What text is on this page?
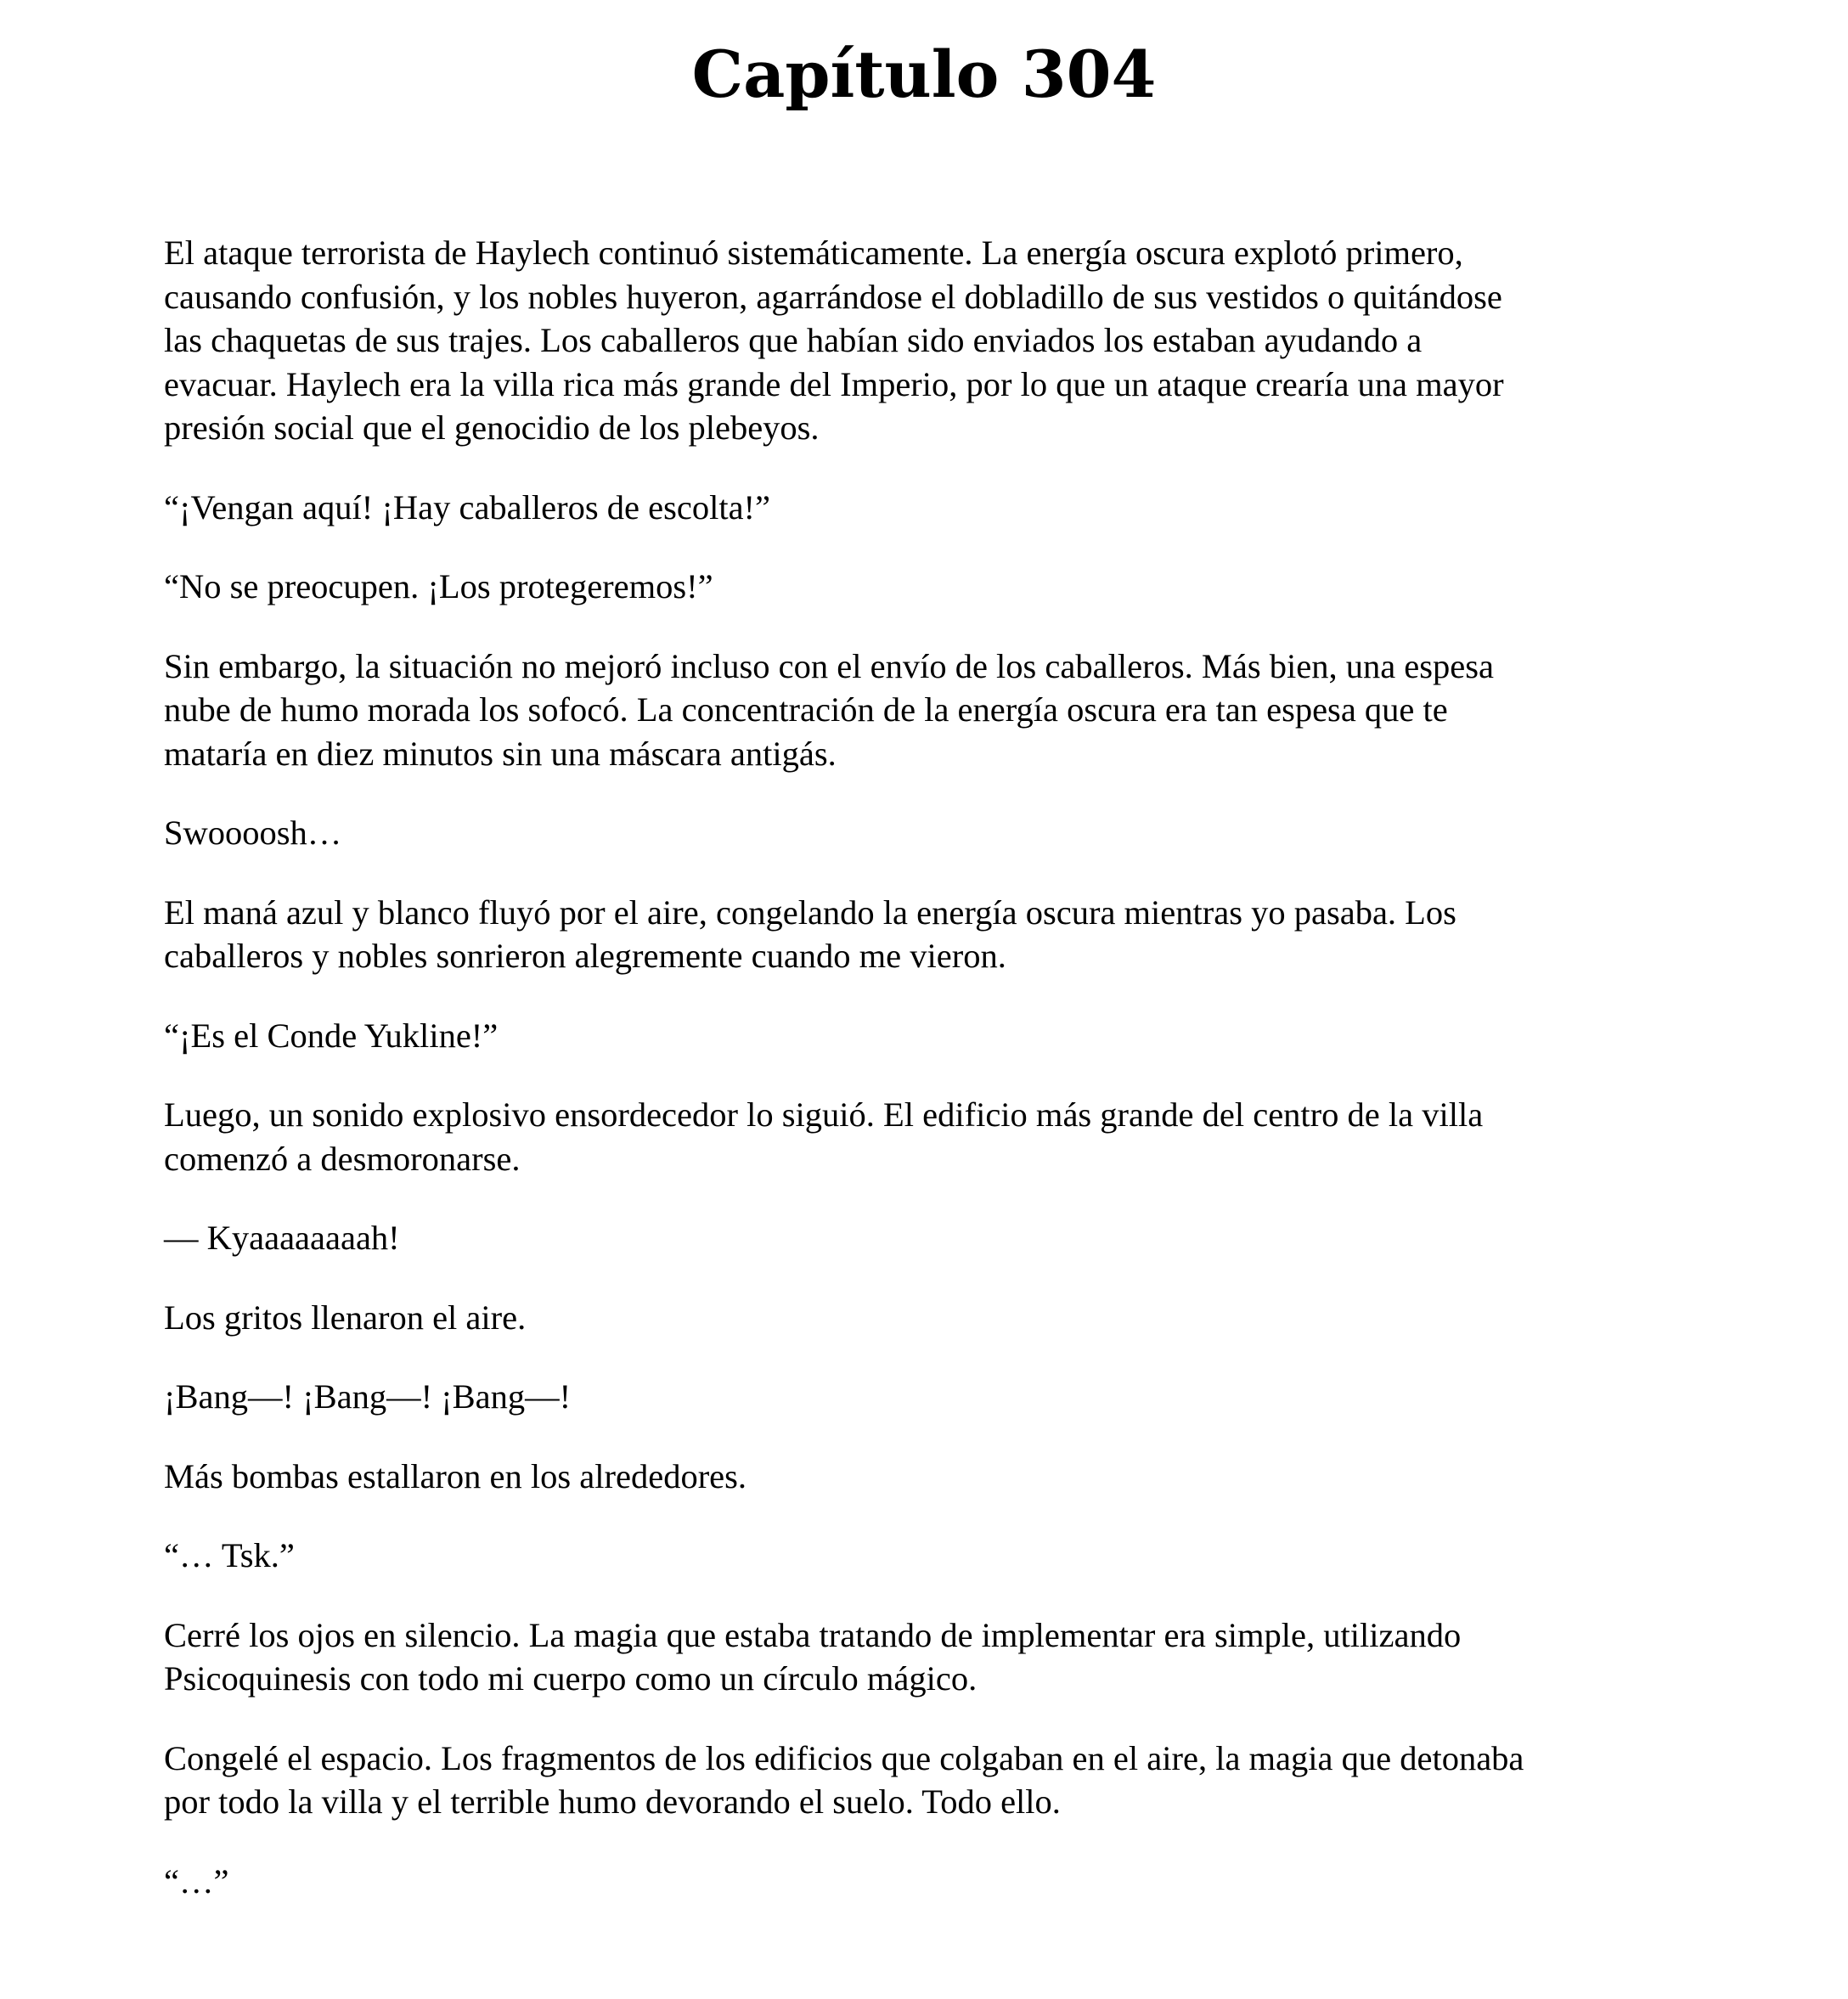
Capítulo 304

El ataque terrorista de Haylech continuó sistemáticamente. La energía oscura explotó primero,
causando confusión, y los nobles huyeron, agarrándose el dobladillo de sus vestidos o quitándose
las chaquetas de sus trajes. Los caballeros que habían sido enviados los estaban ayudando a
evacuar. Haylech era la villa rica más grande del Imperio, por lo que un ataque crearía una mayor
presión social que el genocidio de los plebeyos.

“¡Vengan aquí! ¡Hay caballeros de escolta!”

“No se preocupen. ¡Los protegeremos!”

Sin embargo, la situación no mejoró incluso con el envío de los caballeros. Más bien, una espesa
nube de humo morada los sofocó. La concentración de la energía oscura era tan espesa que te
mataría en diez minutos sin una máscara antigás.

Swoooosh…

El maná azul y blanco fluyó por el aire, congelando la energía oscura mientras yo pasaba. Los
caballeros y nobles sonrieron alegremente cuando me vieron.

“¡Es el Conde Yukline!”

Luego, un sonido explosivo ensordecedor lo siguió. El edificio más grande del centro de la villa
comenzó a desmoronarse.

— Kyaaaaaaaah!

Los gritos llenaron el aire.

¡Bang—! ¡Bang—! ¡Bang—!

Más bombas estallaron en los alrededores.

“… Tsk.”

Cerré los ojos en silencio. La magia que estaba tratando de implementar era simple, utilizando
Psicoquinesis con todo mi cuerpo como un círculo mágico.

Congelé el espacio. Los fragmentos de los edificios que colgaban en el aire, la magia que detonaba
por todo la villa y el terrible humo devorando el suelo. Todo ello.

“…”
